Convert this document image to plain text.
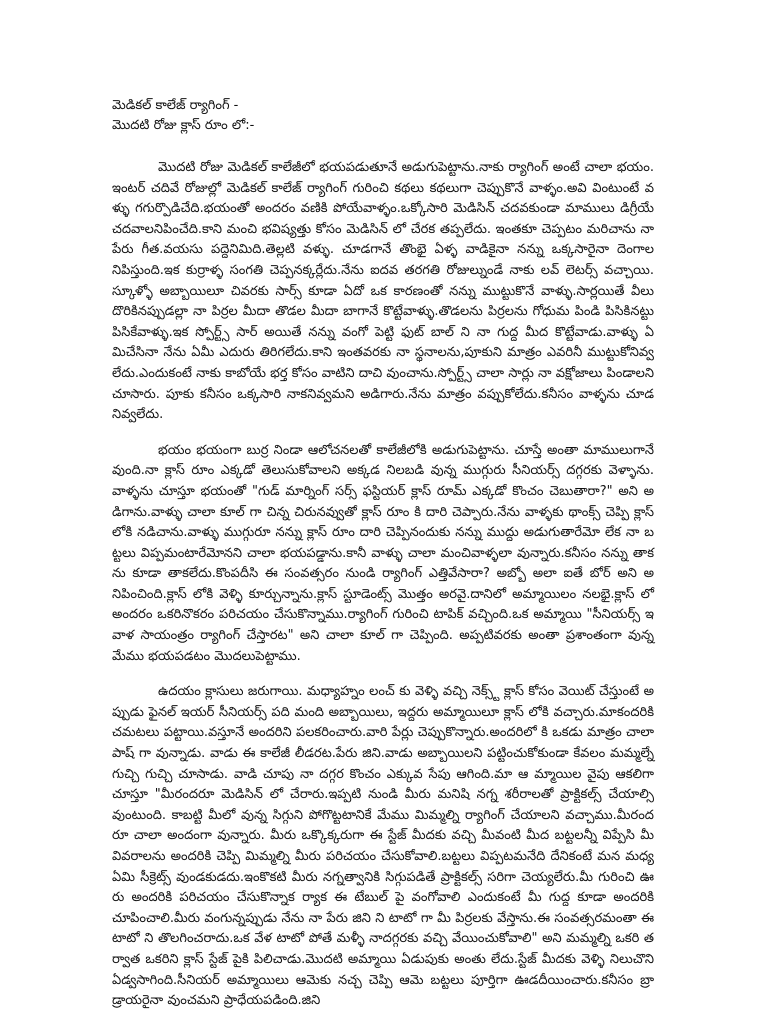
మెడికల్ కాలేజ్ ర్యాగింగ్ -
మొదటి రోజు క్లాస్ రూం లో:-

మొదటి రోజు మెడికల్ కాలేజీలో భయపడుతూనే అడుగుపెట్టాను.నాకు ర్యాగింగ్ అంటే చాలా భయం.ఇంటర్ చదివే రోజుల్లో మెడికల్ కాలేజ్ ర్యాగింగ్ గురించి కథలు కథలుగా చెప్పుకొనే వాళ్ళం.అవి వింటుంటే వళ్ళు గగుర్పొడిచేది.భయంతో అందరం వణికి పోయేవాళ్ళం.ఒక్కోసారి మెడిసిన్ చదవకుండా మాములు డిగ్రీయే చదవాలనిపించేది.కాని మంచి భవిష్యత్తు కోసం మెడిసిన్ లో చేరక తప్పలేదు. ఇంతకూ చెప్పటం మరిచాను నా పేరు గీత.వయసు పద్దెనిమిది.తెల్లటి వళ్ళు. చూడగానే తొంభై ఏళ్ళ వాడికైనా నన్ను ఒక్కసారైనా దెంగాలనిపిస్తుంది.ఇక కుర్రాళ్ళ సంగతి చెప్పనక్కర్లేదు.నేను ఐదవ తరగతి రోజుల్నుండే నాకు లవ్ లెటర్స్ వచ్చాయి.స్కూళ్ళో అబ్బాయిలూ చివరకు సార్స్ కూడా ఏదో ఒక కారణంతో నన్ను ముట్టుకొనే వాళ్ళు.సార్లయితే వీలు దొరికినప్పుడల్లా నా పిర్రల మీదా తొడల మీదా బాగానే కొట్టేవాళ్ళు.తొడలను పిర్రలను గోధుమ పిండి పిసికినట్టు పిసికేవాళ్ళు.ఇక స్పోర్ట్స్ సార్ అయితే నన్ను వంగో పెట్టి ఫుట్ బాల్ ని నా గుద్ద మీద కొట్టేవాడు.వాళ్ళు ఏమిచేసినా నేను ఏమీ ఎదురు తిరిగలేదు.కాని ఇంతవరకు నా స్థనాలను,పూకుని మాత్రం ఎవరినీ ముట్టుకోనివ్వలేదు.ఎందుకంటే నాకు కాబోయే భర్త కోసం వాటిని దాచి వుంచాను.స్పోర్ట్స్ చాలా సార్లు నా వక్షోజాలు పిండాలని చూసారు. పూకు కనీసం ఒక్కసారి నాకనివ్వమని అడిగారు.నేను మాత్రం వప్పుకోలేదు.కనీసం వాళ్ళను చూడనివ్వలేదు.

భయం భయంగా బుర్ర నిండా ఆలోచనలతో కాలేజీలోకి అడుగుపెట్టాను. చూస్తే అంతా మాములుగానే వుంది.నా క్లాస్ రూం ఎక్కడో తెలుసుకోవాలని అక్కడ నిలబడి వున్న ముగ్గురు సీనియర్స్ దగ్గరకు వెళ్ళాను.వాళ్ళను చూస్తూ భయంతో "గుడ్ మార్నింగ్ సర్స్ ఫస్టియర్ క్లాస్ రూమ్ ఎక్కడో కొంచం చెబుతారా?" అని అడిగాను.వాళ్ళు చాలా కూల్ గా చిన్న చిరునవ్వుతో క్లాస్ రూం కి దారి చెప్పారు.నేను వాళ్ళకు థాంక్స్ చెప్పి క్లాస్ లోకి నడిచాను.వాళ్ళు ముగ్గురూ నన్ను క్లాస్ రూం దారి చెప్పినందుకు నన్ను ముద్దు అడుగుతారేమో లేక నా బట్టలు విప్పమంటారేమోనని చాలా భయపడ్డాను.కానీ వాళ్ళు చాలా మంచివాళ్ళలా వున్నారు.కనీసం నన్ను తాకను కూడా తాకలేదు.కొంపదీసి ఈ సంవత్సరం నుండి ర్యాగింగ్ ఎత్తివేసారా? అబ్బో అలా ఐతే బోర్ అని అనిపించింది.క్లాస్ లోకి వెళ్ళి కూర్చున్నాను.క్లాస్ స్టూడెంట్స్ మొత్తం అరవై.దానిలో అమ్మాయిలం నలభై.క్లాస్ లో అందరం ఒకరినొకరం పరిచయం చేసుకొన్నాము.ర్యాగింగ్ గురించి టాపిక్ వచ్చింది.ఒక అమ్మాయి "సీనియర్స్ ఇవాళ సాయంత్రం ర్యాగింగ్ చేస్తారట" అని చాలా కూల్ గా చెప్పింది. అప్పటివరకు అంతా ప్రశాంతంగా వున్న మేము భయపడటం మొదలుపెట్టాము.

ఉదయం క్లాసులు జరుగాయి. మధ్యాహ్నం లంచ్ కు వెళ్ళి వచ్చి నెక్స్ట్ క్లాస్ కోసం వెయిట్ చేస్తుంటే అప్పుడు ఫైనల్ ఇయర్ సీనియర్స్ పది మంది అబ్బాయిలు, ఇద్దరు అమ్మాయిలూ క్లాస్ లోకి వచ్చారు.మాకందరికి చమటలు పట్టాయి.వస్తూనే అందరిని పలకరించారు.వారి పేర్లు చెప్పుకొన్నారు.అందరిలో కి ఒకడు మాత్రం చాలా పాష్ గా వున్నాడు. వాడు ఈ కాలేజీ లీడరట.పేరు జిని.వాడు అబ్బాయిలని పట్టించుకోకుండా కేవలం మమ్మల్నే గుచ్చి గుచ్చి చూసాడు. వాడి చూపు నా దగ్గర కొంచం ఎక్కువ సేపు ఆగింది.మా ఆ మ్మాయిల వైపు ఆకలిగా చూస్తూ "మీరందరూ మెడిసిన్ లో చేరారు.ఇప్పటి నుండి మీరు మనిషి నగ్న శరీరాలతో ప్రాక్టికల్స్ చేయాల్సి వుంటుంది. కాబట్టి మీలో వున్న సిగ్గుని పోగొట్టటానికే మేము మిమ్మల్ని ర్యాగింగ్ చేయాలని వచ్చాము.మీరందరూ చాలా అందంగా వున్నారు. మీరు ఒక్కొక్కరుగా ఈ స్టేజ్ మీదకు వచ్చి మీవంటి మీద బట్టలన్నీ విప్పేసి మీ వివరాలను అందరికి చెప్పి మిమ్మల్ని మీరు పరిచయం చేసుకోవాలి.బట్టలు విప్పటమనేది దేనికంటే మన మధ్య ఏమి సీక్రెట్స్ వుండకుడదు.ఇంకొకటి మీరు నగ్నత్వానికి సిగ్గుపడితే ప్రాక్టికల్స్ సరిగా చెయ్యలేరు.మీ గురించి ఊరు అందరికి పరిచయం చేసుకొన్నాక ర్యాక ఈ టేబుల్ పై వంగోవాలి ఎందుకంటే మీ గుద్ద కూడా అందరికి చూపించాలి.మీరు వంగున్నప్పుడు నేను నా పేరు జిని ని టాటో గా మీ పిర్రలకు వేస్తాను.ఈ సంవత్సరమంతా ఈ టాటో ని తొలగించరాదు.ఒక వేళ టాటో పోతే మళ్ళీ నాదగ్గరకు వచ్చి వేయించుకోవాలి" అని మమ్మల్ని ఒకరి తర్వాత ఒకరిని క్లాస్ స్టేజ్ పైకి పిలిచాడు.మొదటి అమ్మాయి ఏడుపుకు అంతు లేదు.స్టేజ్ మీదకు వెళ్ళి నిలుచొని ఏడ్వసాగింది.సీనియర్ అమ్మాయిలు ఆమెకు నచ్చ చెప్పి ఆమె బట్టలు పూర్తిగా ఊడదీయించారు.కనీసం బ్రా డ్రాయరైనా వుంచమని ప్రాధేయపడింది.జిని
